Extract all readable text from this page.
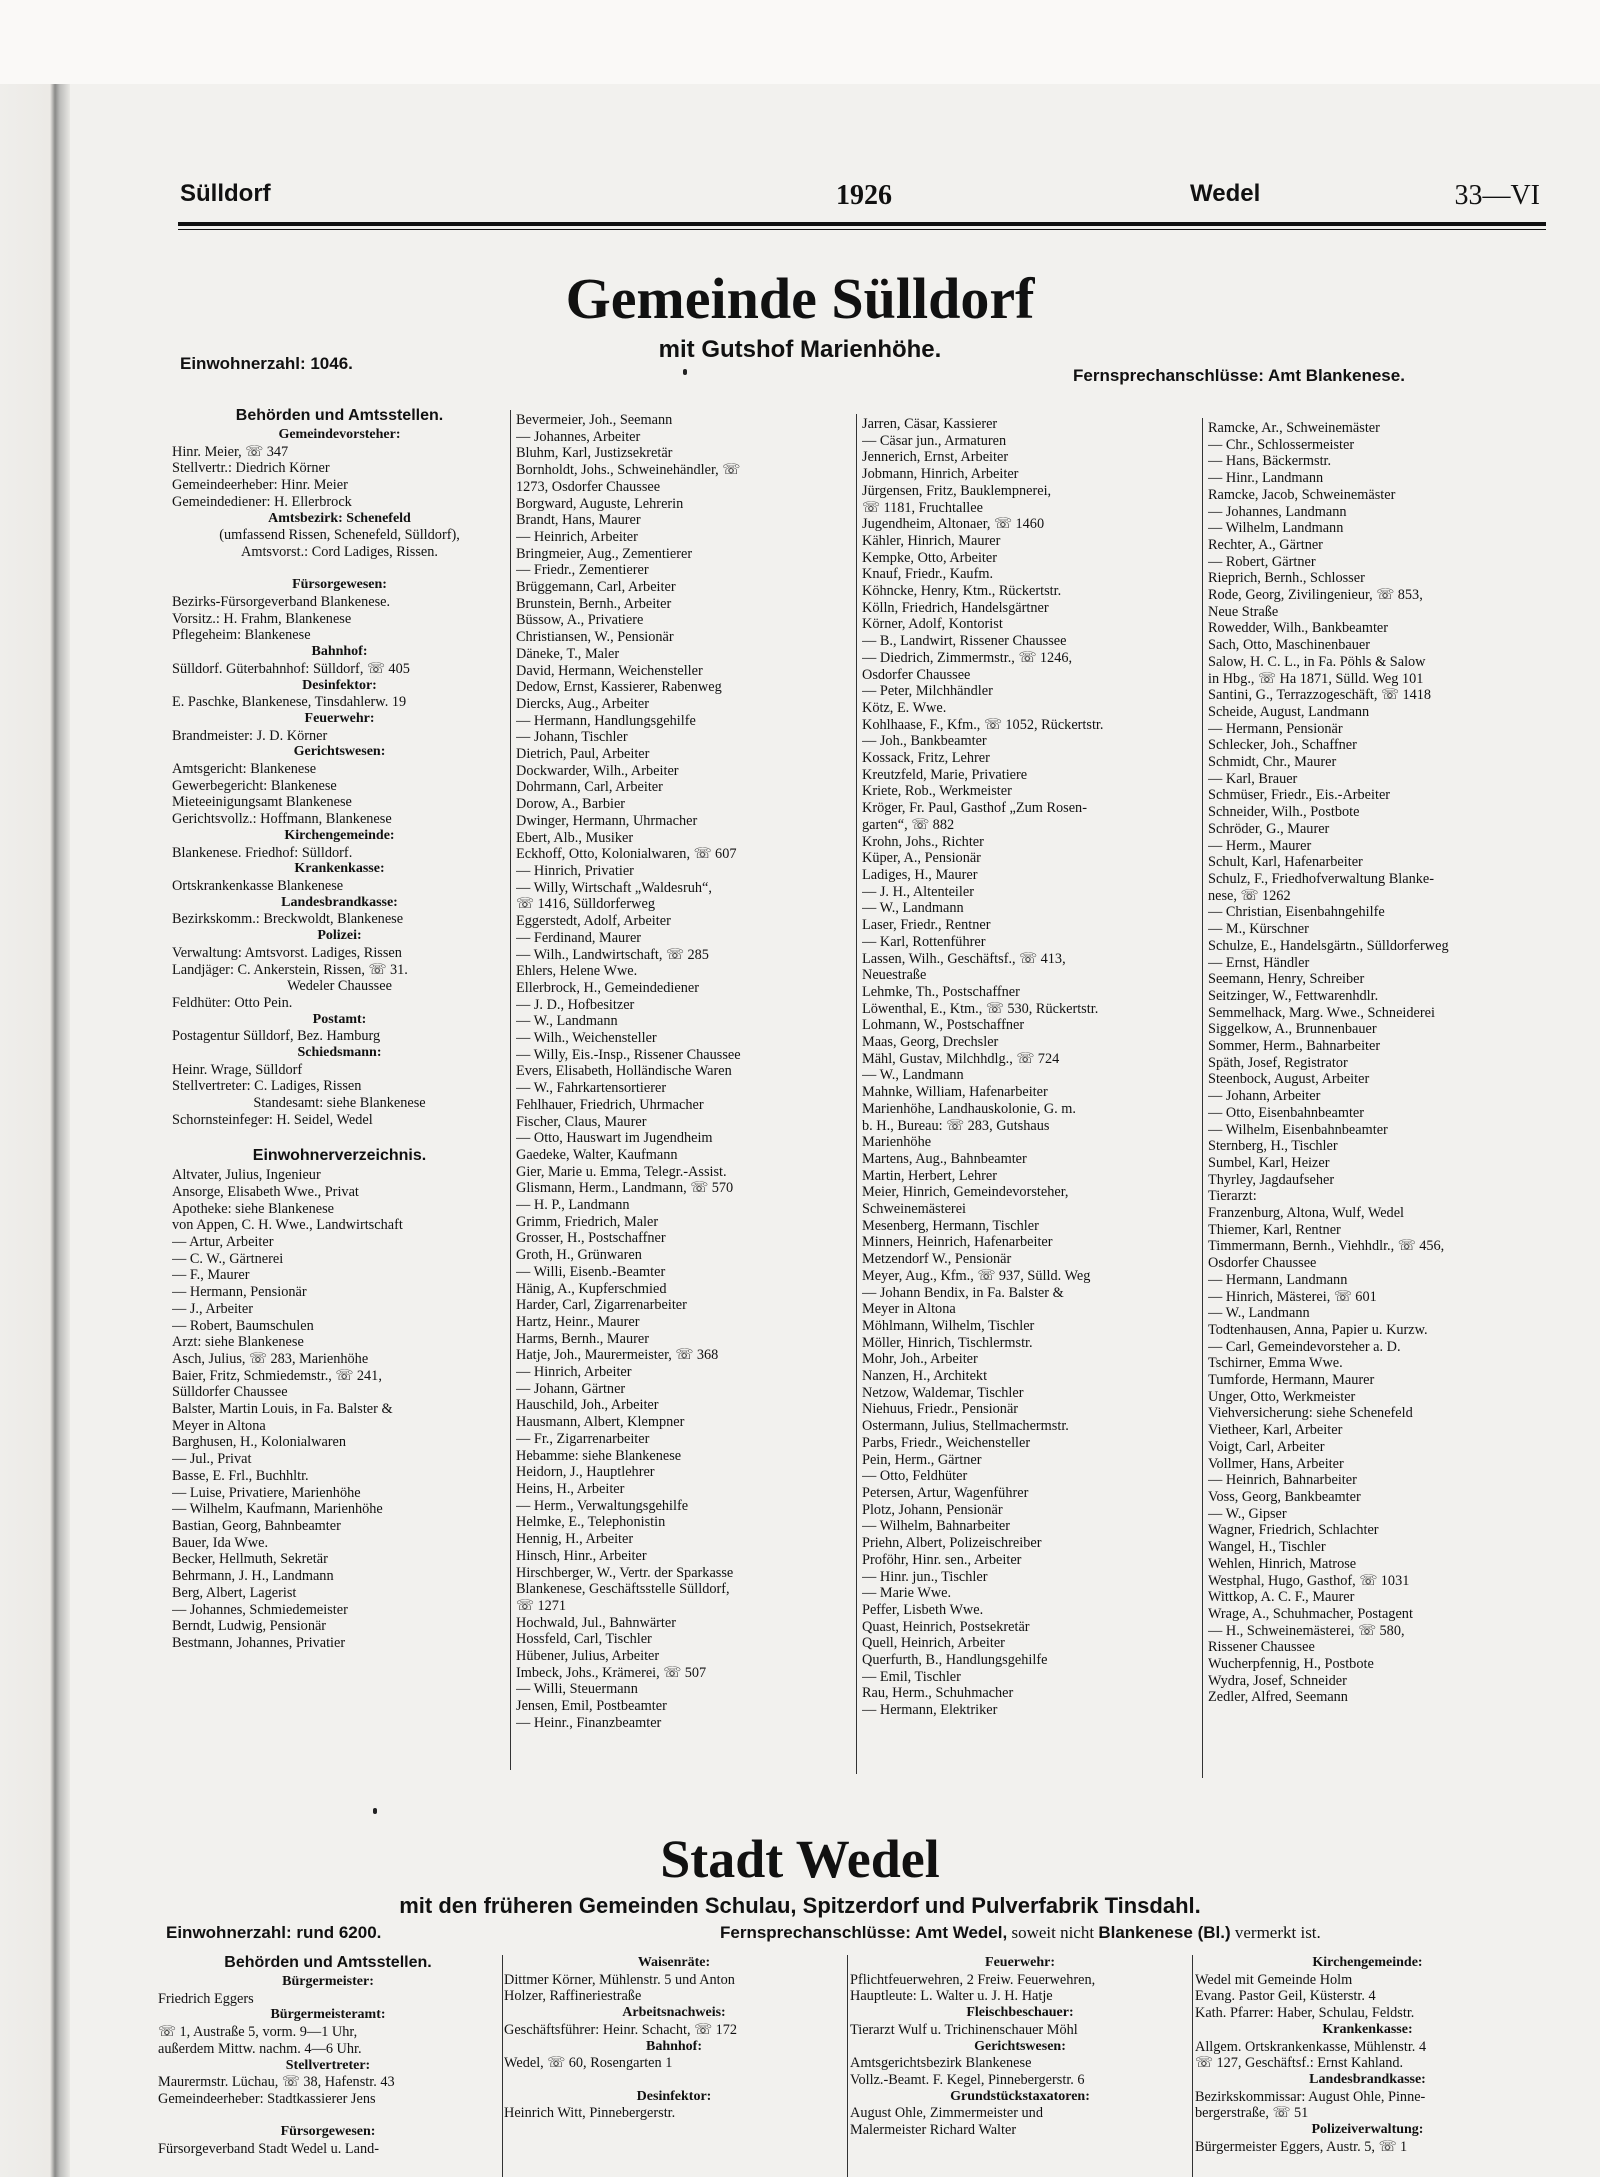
Sülldorf	1926	Wedel	33—VI
Gemeinde Sülldorf
mit Gutshof Marienhöhe.
Einwohnerzahl: 1046.
Fernsprechanschlüsse: Amt Blankenese.
Behörden und Amtsstellen.
Gemeindevorsteher:
Hinr. Meier, ☏ 347
Stellvertr.: Diedrich Körner
Gemeindeerheber: Hinr. Meier
Gemeindediener: H. Ellerbrock
Amtsbezirk: Schenefeld
(umfassend Rissen, Schenefeld, Sülldorf),
Amtsvorst.: Cord Ladiges, Rissen.

Fürsorgewesen:
Bezirks-Fürsorgeverband Blankenese.
Vorsitz.: H. Frahm, Blankenese
Pflegeheim: Blankenese
Bahnhof:
Sülldorf. Güterbahnhof: Sülldorf, ☏ 405
Desinfektor:
E. Paschke, Blankenese, Tinsdahlerw. 19
Feuerwehr:
Brandmeister: J. D. Körner
Gerichtswesen:
Amtsgericht: Blankenese
Gewerbegericht: Blankenese
Mieteeinigungsamt Blankenese
Gerichtsvollz.: Hoffmann, Blankenese
Kirchengemeinde:
Blankenese. Friedhof: Sülldorf.
Krankenkasse:
Ortskrankenkasse Blankenese
Landesbrandkasse:
Bezirkskomm.: Breckwoldt, Blankenese
Polizei:
Verwaltung: Amtsvorst. Ladiges, Rissen
Landjäger: C. Ankerstein, Rissen, ☏ 31.
Wedeler Chaussee
Feldhüter: Otto Pein.
Postamt:
Postagentur Sülldorf, Bez. Hamburg
Schiedsmann:
Heinr. Wrage, Sülldorf
Stellvertreter: C. Ladiges, Rissen
Standesamt: siehe Blankenese
Schornsteinfeger: H. Seidel, Wedel

Einwohnerverzeichnis.
Altvater, Julius, Ingenieur
Ansorge, Elisabeth Wwe., Privat
Apotheke: siehe Blankenese
von Appen, C. H. Wwe., Landwirtschaft
— Artur, Arbeiter
— C. W., Gärtnerei
— F., Maurer
— Hermann, Pensionär
— J., Arbeiter
— Robert, Baumschulen
Arzt: siehe Blankenese
Asch, Julius, ☏ 283, Marienhöhe
Baier, Fritz, Schmiedemstr., ☏ 241,
Sülldorfer Chaussee
Balster, Martin Louis, in Fa. Balster &
Meyer in Altona
Barghusen, H., Kolonialwaren
— Jul., Privat
Basse, E. Frl., Buchhltr.
— Luise, Privatiere, Marienhöhe
— Wilhelm, Kaufmann, Marienhöhe
Bastian, Georg, Bahnbeamter
Bauer, Ida Wwe.
Becker, Hellmuth, Sekretär
Behrmann, J. H., Landmann
Berg, Albert, Lagerist
— Johannes, Schmiedemeister
Berndt, Ludwig, Pensionär
Bestmann, Johannes, Privatier
Bevermeier, Joh., Seemann
— Johannes, Arbeiter
Bluhm, Karl, Justizsekretär
Bornholdt, Johs., Schweinehändler, ☏
1273, Osdorfer Chaussee
Borgward, Auguste, Lehrerin
Brandt, Hans, Maurer
— Heinrich, Arbeiter
Bringmeier, Aug., Zementierer
— Friedr., Zementierer
Brüggemann, Carl, Arbeiter
Brunstein, Bernh., Arbeiter
Büssow, A., Privatiere
Christiansen, W., Pensionär
Däneke, T., Maler
David, Hermann, Weichensteller
Dedow, Ernst, Kassierer, Rabenweg
Diercks, Aug., Arbeiter
— Hermann, Handlungsgehilfe
— Johann, Tischler
Dietrich, Paul, Arbeiter
Dockwarder, Wilh., Arbeiter
Dohrmann, Carl, Arbeiter
Dorow, A., Barbier
Dwinger, Hermann, Uhrmacher
Ebert, Alb., Musiker
Eckhoff, Otto, Kolonialwaren, ☏ 607
— Hinrich, Privatier
— Willy, Wirtschaft „Waldesruh“,
☏ 1416, Sülldorferweg
Eggerstedt, Adolf, Arbeiter
— Ferdinand, Maurer
— Wilh., Landwirtschaft, ☏ 285
Ehlers, Helene Wwe.
Ellerbrock, H., Gemeindediener
— J. D., Hofbesitzer
— W., Landmann
— Wilh., Weichensteller
— Willy, Eis.-Insp., Rissener Chaussee
Evers, Elisabeth, Holländische Waren
— W., Fahrkartensortierer
Fehlhauer, Friedrich, Uhrmacher
Fischer, Claus, Maurer
— Otto, Hauswart im Jugendheim
Gaedeke, Walter, Kaufmann
Gier, Marie u. Emma, Telegr.-Assist.
Glismann, Herm., Landmann, ☏ 570
— H. P., Landmann
Grimm, Friedrich, Maler
Grosser, H., Postschaffner
Groth, H., Grünwaren
— Willi, Eisenb.-Beamter
Hänig, A., Kupferschmied
Harder, Carl, Zigarrenarbeiter
Hartz, Heinr., Maurer
Harms, Bernh., Maurer
Hatje, Joh., Maurermeister, ☏ 368
— Hinrich, Arbeiter
— Johann, Gärtner
Hauschild, Joh., Arbeiter
Hausmann, Albert, Klempner
— Fr., Zigarrenarbeiter
Hebamme: siehe Blankenese
Heidorn, J., Hauptlehrer
Heins, H., Arbeiter
— Herm., Verwaltungsgehilfe
Helmke, E., Telephonistin
Hennig, H., Arbeiter
Hinsch, Hinr., Arbeiter
Hirschberger, W., Vertr. der Sparkasse
Blankenese, Geschäftsstelle Sülldorf,
☏ 1271
Hochwald, Jul., Bahnwärter
Hossfeld, Carl, Tischler
Hübener, Julius, Arbeiter
Imbeck, Johs., Krämerei, ☏ 507
— Willi, Steuermann
Jensen, Emil, Postbeamter
— Heinr., Finanzbeamter
Jarren, Cäsar, Kassierer
— Cäsar jun., Armaturen
Jennerich, Ernst, Arbeiter
Jobmann, Hinrich, Arbeiter
Jürgensen, Fritz, Bauklempnerei,
☏ 1181, Fruchtallee
Jugendheim, Altonaer, ☏ 1460
Kähler, Hinrich, Maurer
Kempke, Otto, Arbeiter
Knauf, Friedr., Kaufm.
Köhncke, Henry, Ktm., Rückertstr.
Kölln, Friedrich, Handelsgärtner
Körner, Adolf, Kontorist
— B., Landwirt, Rissener Chaussee
— Diedrich, Zimmermstr., ☏ 1246,
Osdorfer Chaussee
— Peter, Milchhändler
Kötz, E. Wwe.
Kohlhaase, F., Kfm., ☏ 1052, Rückertstr.
— Joh., Bankbeamter
Kossack, Fritz, Lehrer
Kreutzfeld, Marie, Privatiere
Kriete, Rob., Werkmeister
Kröger, Fr. Paul, Gasthof „Zum Rosen-
garten“, ☏ 882
Krohn, Johs., Richter
Küper, A., Pensionär
Ladiges, H., Maurer
— J. H., Altenteiler
— W., Landmann
Laser, Friedr., Rentner
— Karl, Rottenführer
Lassen, Wilh., Geschäftsf., ☏ 413,
Neuestraße
Lehmke, Th., Postschaffner
Löwenthal, E., Ktm., ☏ 530, Rückertstr.
Lohmann, W., Postschaffner
Maas, Georg, Drechsler
Mähl, Gustav, Milchhdlg., ☏ 724
— W., Landmann
Mahnke, William, Hafenarbeiter
Marienhöhe, Landhauskolonie, G. m.
b. H., Bureau: ☏ 283, Gutshaus
Marienhöhe
Martens, Aug., Bahnbeamter
Martin, Herbert, Lehrer
Meier, Hinrich, Gemeindevorsteher,
Schweinemästerei
Mesenberg, Hermann, Tischler
Minners, Heinrich, Hafenarbeiter
Metzendorf W., Pensionär
Meyer, Aug., Kfm., ☏ 937, Sülld. Weg
— Johann Bendix, in Fa. Balster &
Meyer in Altona
Möhlmann, Wilhelm, Tischler
Möller, Hinrich, Tischlermstr.
Mohr, Joh., Arbeiter
Nanzen, H., Architekt
Netzow, Waldemar, Tischler
Niehuus, Friedr., Pensionär
Ostermann, Julius, Stellmachermstr.
Parbs, Friedr., Weichensteller
Pein, Herm., Gärtner
— Otto, Feldhüter
Petersen, Artur, Wagenführer
Plotz, Johann, Pensionär
— Wilhelm, Bahnarbeiter
Priehn, Albert, Polizeischreiber
Proföhr, Hinr. sen., Arbeiter
— Hinr. jun., Tischler
— Marie Wwe.
Peffer, Lisbeth Wwe.
Quast, Heinrich, Postsekretär
Quell, Heinrich, Arbeiter
Querfurth, B., Handlungsgehilfe
— Emil, Tischler
Rau, Herm., Schuhmacher
— Hermann, Elektriker
Ramcke, Ar., Schweinemäster
— Chr., Schlossermeister
— Hans, Bäckermstr.
— Hinr., Landmann
Ramcke, Jacob, Schweinemäster
— Johannes, Landmann
— Wilhelm, Landmann
Rechter, A., Gärtner
— Robert, Gärtner
Rieprich, Bernh., Schlosser
Rode, Georg, Zivilingenieur, ☏ 853,
Neue Straße
Rowedder, Wilh., Bankbeamter
Sach, Otto, Maschinenbauer
Salow, H. C. L., in Fa. Pöhls & Salow
in Hbg., ☏ Ha 1871, Sülld. Weg 101
Santini, G., Terrazzogeschäft, ☏ 1418
Scheide, August, Landmann
— Hermann, Pensionär
Schlecker, Joh., Schaffner
Schmidt, Chr., Maurer
— Karl, Brauer
Schmüser, Friedr., Eis.-Arbeiter
Schneider, Wilh., Postbote
Schröder, G., Maurer
— Herm., Maurer
Schult, Karl, Hafenarbeiter
Schulz, F., Friedhofverwaltung Blanke-
nese, ☏ 1262
— Christian, Eisenbahngehilfe
— M., Kürschner
Schulze, E., Handelsgärtn., Sülldorferweg
— Ernst, Händler
Seemann, Henry, Schreiber
Seitzinger, W., Fettwarenhdlr.
Semmelhack, Marg. Wwe., Schneiderei
Siggelkow, A., Brunnenbauer
Sommer, Herm., Bahnarbeiter
Späth, Josef, Registrator
Steenbock, August, Arbeiter
— Johann, Arbeiter
— Otto, Eisenbahnbeamter
— Wilhelm, Eisenbahnbeamter
Sternberg, H., Tischler
Sumbel, Karl, Heizer
Thyrley, Jagdaufseher
Tierarzt:
Franzenburg, Altona, Wulf, Wedel
Thiemer, Karl, Rentner
Timmermann, Bernh., Viehhdlr., ☏ 456,
Osdorfer Chaussee
— Hermann, Landmann
— Hinrich, Mästerei, ☏ 601
— W., Landmann
Todtenhausen, Anna, Papier u. Kurzw.
— Carl, Gemeindevorsteher a. D.
Tschirner, Emma Wwe.
Tumforde, Hermann, Maurer
Unger, Otto, Werkmeister
Viehversicherung: siehe Schenefeld
Vietheer, Karl, Arbeiter
Voigt, Carl, Arbeiter
Vollmer, Hans, Arbeiter
— Heinrich, Bahnarbeiter
Voss, Georg, Bankbeamter
— W., Gipser
Wagner, Friedrich, Schlachter
Wangel, H., Tischler
Wehlen, Hinrich, Matrose
Westphal, Hugo, Gasthof, ☏ 1031
Wittkop, A. C. F., Maurer
Wrage, A., Schuhmacher, Postagent
— H., Schweinemästerei, ☏ 580,
Rissener Chaussee
Wucherpfennig, H., Postbote
Wydra, Josef, Schneider
Zedler, Alfred, Seemann
Stadt Wedel
mit den früheren Gemeinden Schulau, Spitzerdorf und Pulverfabrik Tinsdahl.
Einwohnerzahl: rund 6200.	Fernsprechanschlüsse: Amt Wedel, soweit nicht Blankenese (Bl.) vermerkt ist.
Behörden und Amtsstellen.
Bürgermeister:
Friedrich Eggers
Bürgermeisteramt:
☏ 1, Austraße 5, vorm. 9—1 Uhr,
außerdem Mittw. nachm. 4—6 Uhr.
Stellvertreter:
Maurermstr. Lüchau, ☏ 38, Hafenstr. 43
Gemeindeerheber: Stadtkassierer Jens

Fürsorgewesen:
Fürsorgeverband Stadt Wedel u. Land-
Waisenräte:
Dittmer Körner, Mühlenstr. 5 und Anton
Holzer, Raffineriestraße
Arbeitsnachweis:
Geschäftsführer: Heinr. Schacht, ☏ 172
Bahnhof:
Wedel, ☏ 60, Rosengarten 1

Desinfektor:
Heinrich Witt, Pinnebergerstr.
Feuerwehr:
Pflichtfeuerwehren, 2 Freiw. Feuerwehren,
Hauptleute: L. Walter u. J. H. Hatje
Fleischbeschauer:
Tierarzt Wulf u. Trichinenschauer Möhl
Gerichtswesen:
Amtsgerichtsbezirk Blankenese
Vollz.-Beamt. F. Kegel, Pinnebergerstr. 6
Grundstückstaxatoren:
August Ohle, Zimmermeister und
Malermeister Richard Walter
Kirchengemeinde:
Wedel mit Gemeinde Holm
Evang. Pastor Geil, Küsterstr. 4
Kath. Pfarrer: Haber, Schulau, Feldstr.
Krankenkasse:
Allgem. Ortskrankenkasse, Mühlenstr. 4
☏ 127, Geschäftsf.: Ernst Kahland.
Landesbrandkasse:
Bezirkskommissar: August Ohle, Pinne-
bergerstraße, ☏ 51
Polizeiverwaltung:
Bürgermeister Eggers, Austr. 5, ☏ 1
